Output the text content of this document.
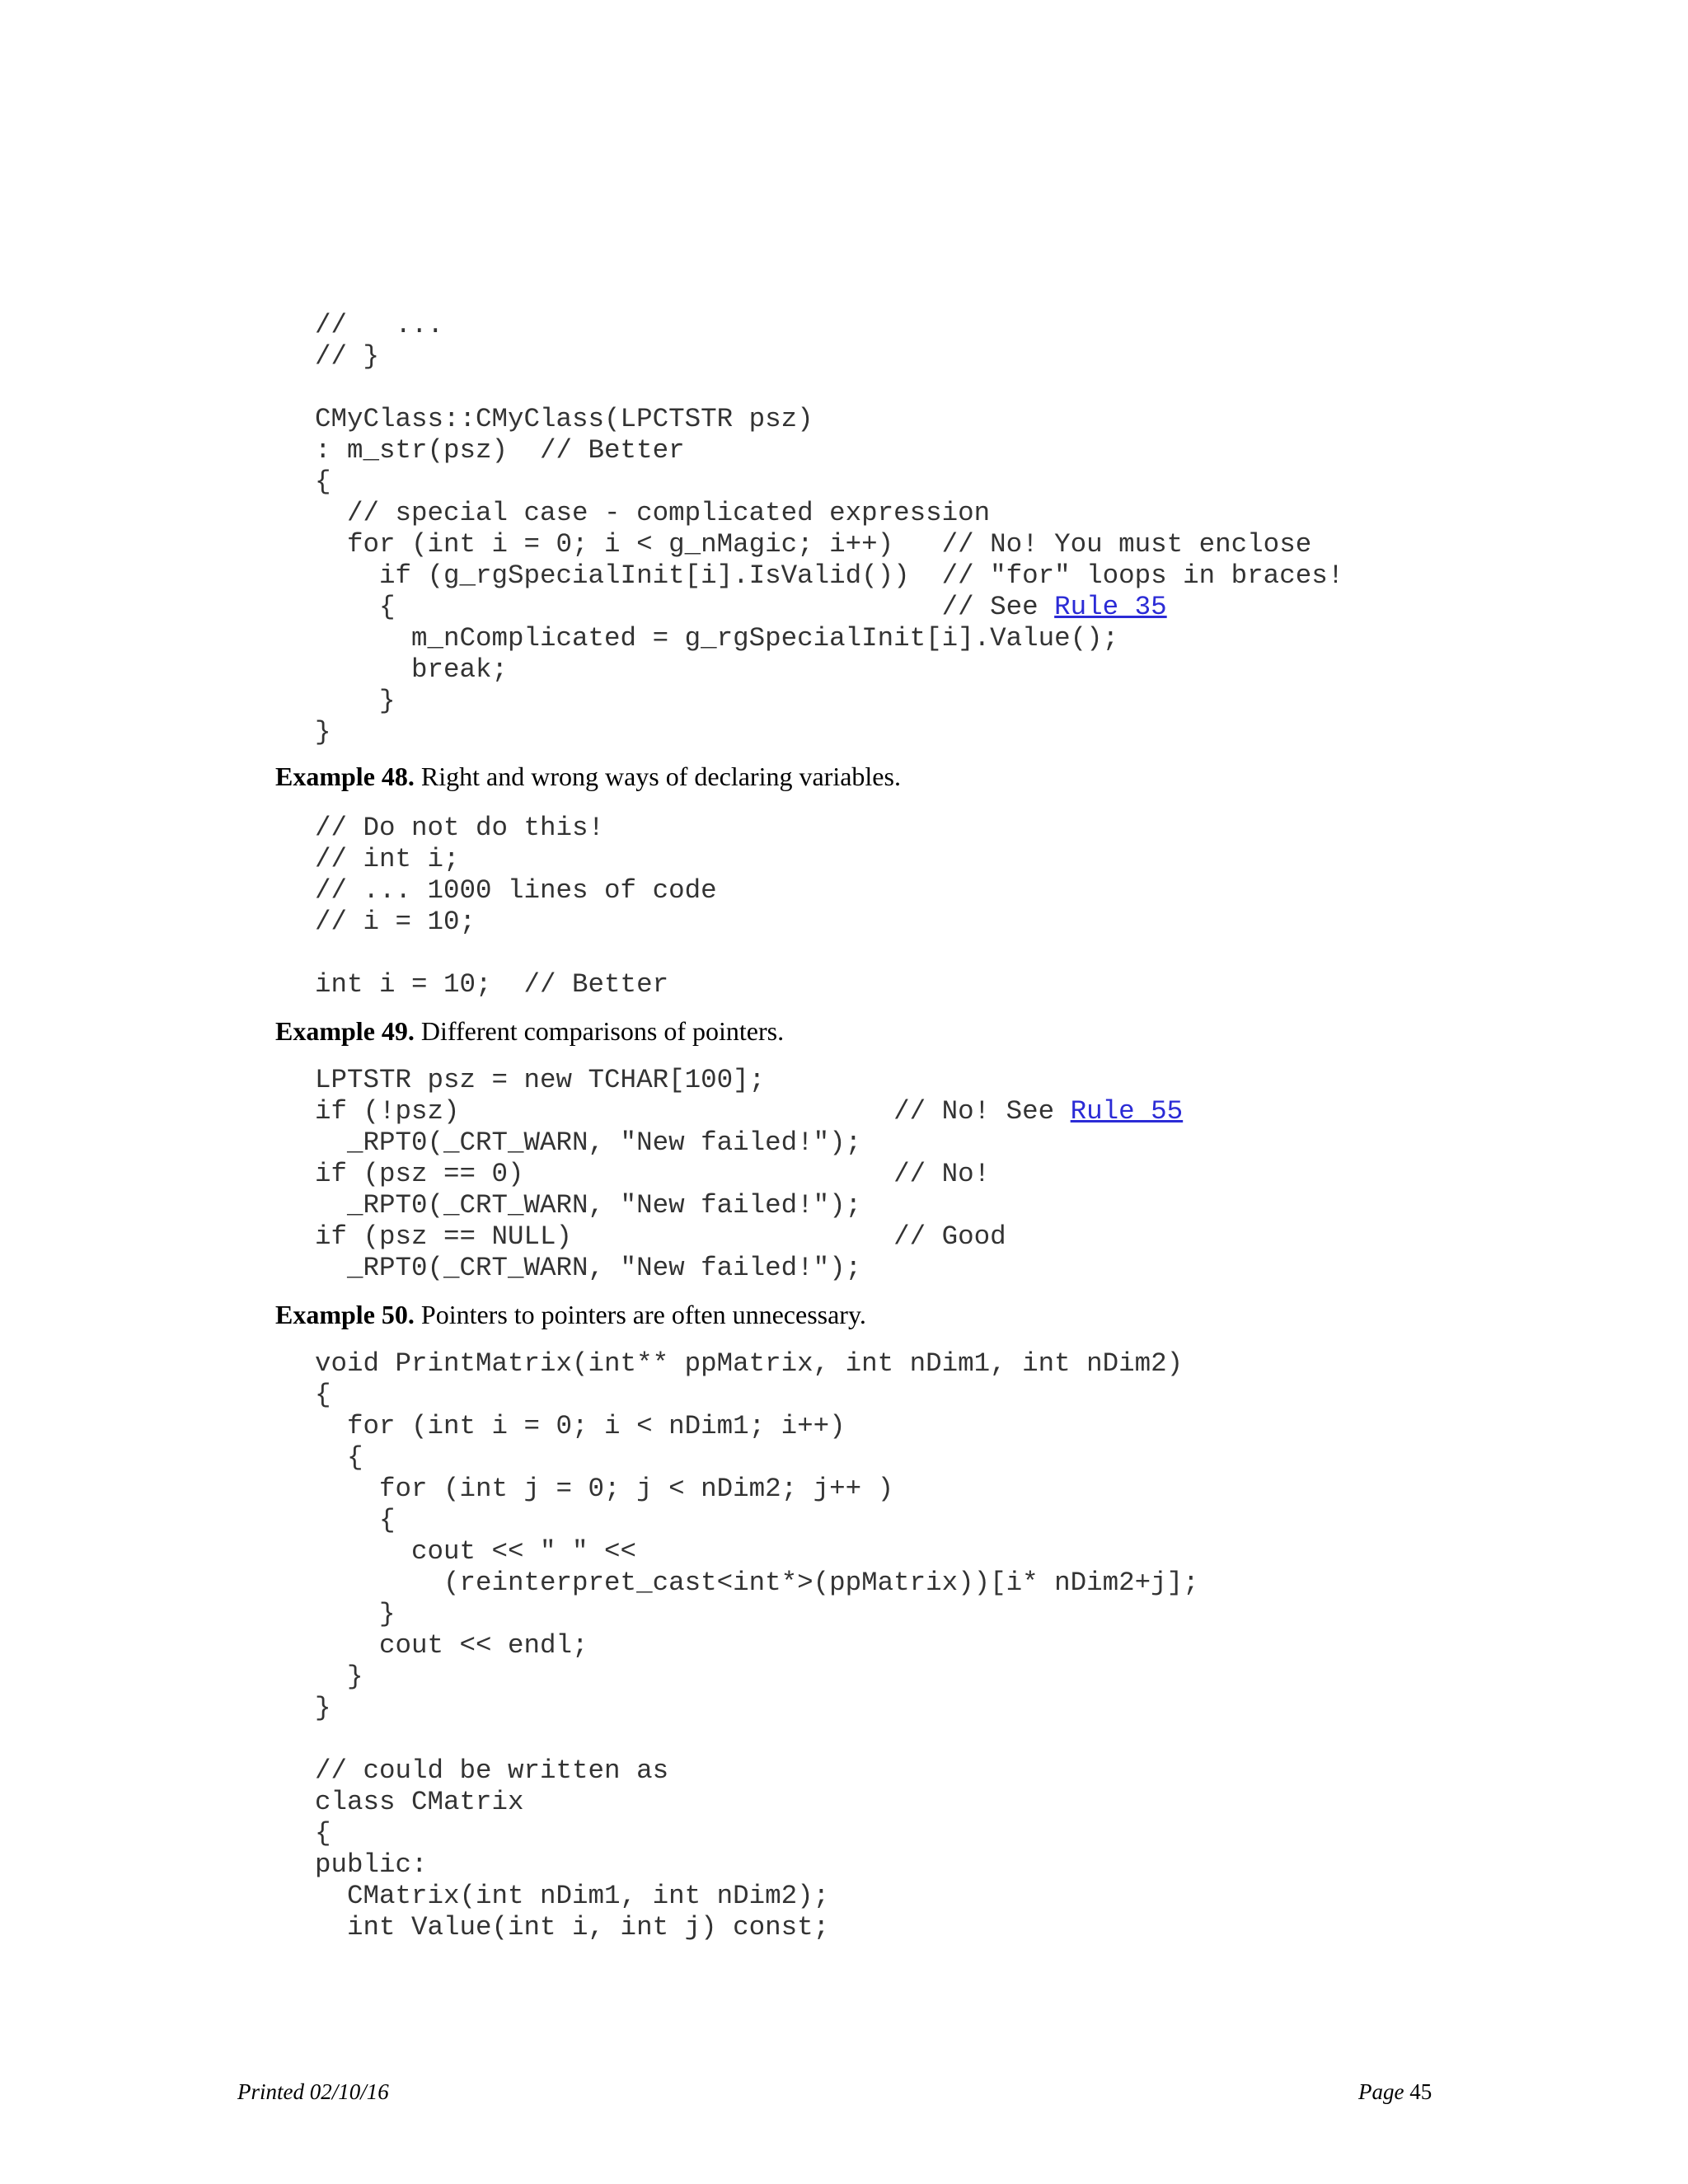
//   ...
// }
CMyClass::CMyClass(LPCTSTR psz)
: m_str(psz)  // Better
{
// special case - complicated expression
for (int i = 0; i < g_nMagic; i++)   // No! You must enclose
if (g_rgSpecialInit[i].IsValid())  // "for" loops in braces!
{                                  // See Rule 35
m_nComplicated = g_rgSpecialInit[i].Value();
break;
}
}

Example 48. Right and wrong ways of declaring variables.

// Do not do this!
// int i;
// ... 1000 lines of code
// i = 10;
int i = 10;  // Better

Example 49. Different comparisons of pointers.

LPTSTR psz = new TCHAR[100];
if (!psz)                           // No! See Rule 55
_RPT0(_CRT_WARN, "New failed!");
if (psz == 0)                       // No!
_RPT0(_CRT_WARN, "New failed!");
if (psz == NULL)                    // Good
_RPT0(_CRT_WARN, "New failed!");

Example 50. Pointers to pointers are often unnecessary.

void PrintMatrix(int** ppMatrix, int nDim1, int nDim2)
{
for (int i = 0; i < nDim1; i++)
{
for (int j = 0; j < nDim2; j++ )
{
cout << " " <<
(reinterpret_cast<int*>(ppMatrix))[i* nDim2+j];
}
cout << endl;
}
}
// could be written as
class CMatrix
{
public:
CMatrix(int nDim1, int nDim2);
int Value(int i, int j) const;
Printed 02/10/16	Page 45
